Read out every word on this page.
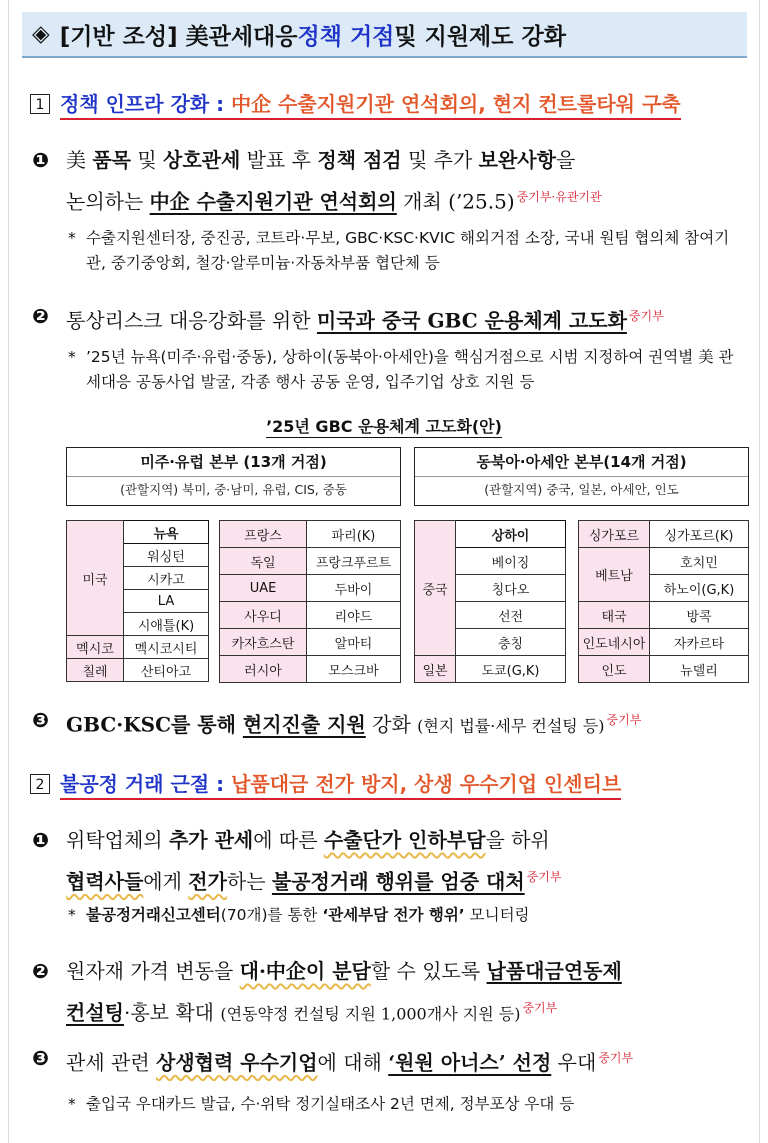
◈ [기반 조성] 美 관세대응 정책 거점 및 지원제도 강화
1 정책 인프라 강화 : 中企 수출지원기관 연석회의, 현지 컨트롤타워 구축
❶ 美 품목 및 상호관세 발표 후 정책 점검 및 추가 보완사항을
논의하는 中企 수출지원기관 연석회의 개최 (’25.5) $^{중기부\cdot 유관기관}$
* 수출지원센터장, 중진공, 코트라·무보, GBC·KSC·KVIC 해외거점 소장, 국내 원팀 협의체 참여기관, 중기중앙회, 철강·알루미늄·자동차부품 협단체 등
❷ 통상리스크 대응강화를 위한 미국과 중국 GBC 운용체계 고도화 $^{중기부}$
* ’25년 뉴욕(미주·유럽·중동), 상하이(동북아·아세안)을 핵심거점으로 시범 지정하여 권역별 美 관세대응 공동사업 발굴, 각종 행사 공동 운영, 입주기업 상호 지원 등
’25년 GBC 운용체계 고도화(안)
미주·유럽 본부 (13개 거점)
(관할지역) 북미, 중·남미, 유럽, CIS, 중동
동북아·아세안 본부(14개 거점)
(관할지역) 중국, 일본, 아세안, 인도
미국	뉴욕
	워싱턴
	시카고
	LA
	시애틀(K)
멕시코	멕시코시티
칠레	산티아고
프랑스	파리(K)
독일	프랑크푸르트
UAE	두바이
사우디	리야드
카자흐스탄	알마티
러시아	모스크바
중국	상하이
	베이징
	칭다오
	선전
	충칭
일본	도쿄(G,K)
싱가포르	싱가포르(K)
베트남	호치민
	하노이(G,K)
태국	방콕
인도네시아	자카르타
인도	뉴델리
❸ GBC·KSC를 통해 현지진출 지원 강화 (현지 법률·세무 컨설팅 등) $^{중기부}$
2 불공정 거래 근절 : 납품대금 전가 방지, 상생 우수기업 인센티브
❶ 위탁업체의 추가 관세에 따른 수출단가 인하부담을 하위
협력사들에게 전가하는 불공정거래 행위를 엄중 대처 $^{중기부}$
* 불공정거래신고센터(70개)를 통한 ‘관세부담 전가 행위’ 모니터링
❷ 원자재 가격 변동을 대·中企이 분담할 수 있도록 납품대금연동제
컨설팅·홍보 확대 (연동약정 컨설팅 지원 1,000개사 지원 등) $^{중기부}$
❸ 관세 관련 상생협력 우수기업에 대해 ‘원원 아너스’ 선정 우대 $^{중기부}$
* 출입국 우대카드 발급, 수·위탁 정기실태조사 2년 면제, 정부포상 우대 등
